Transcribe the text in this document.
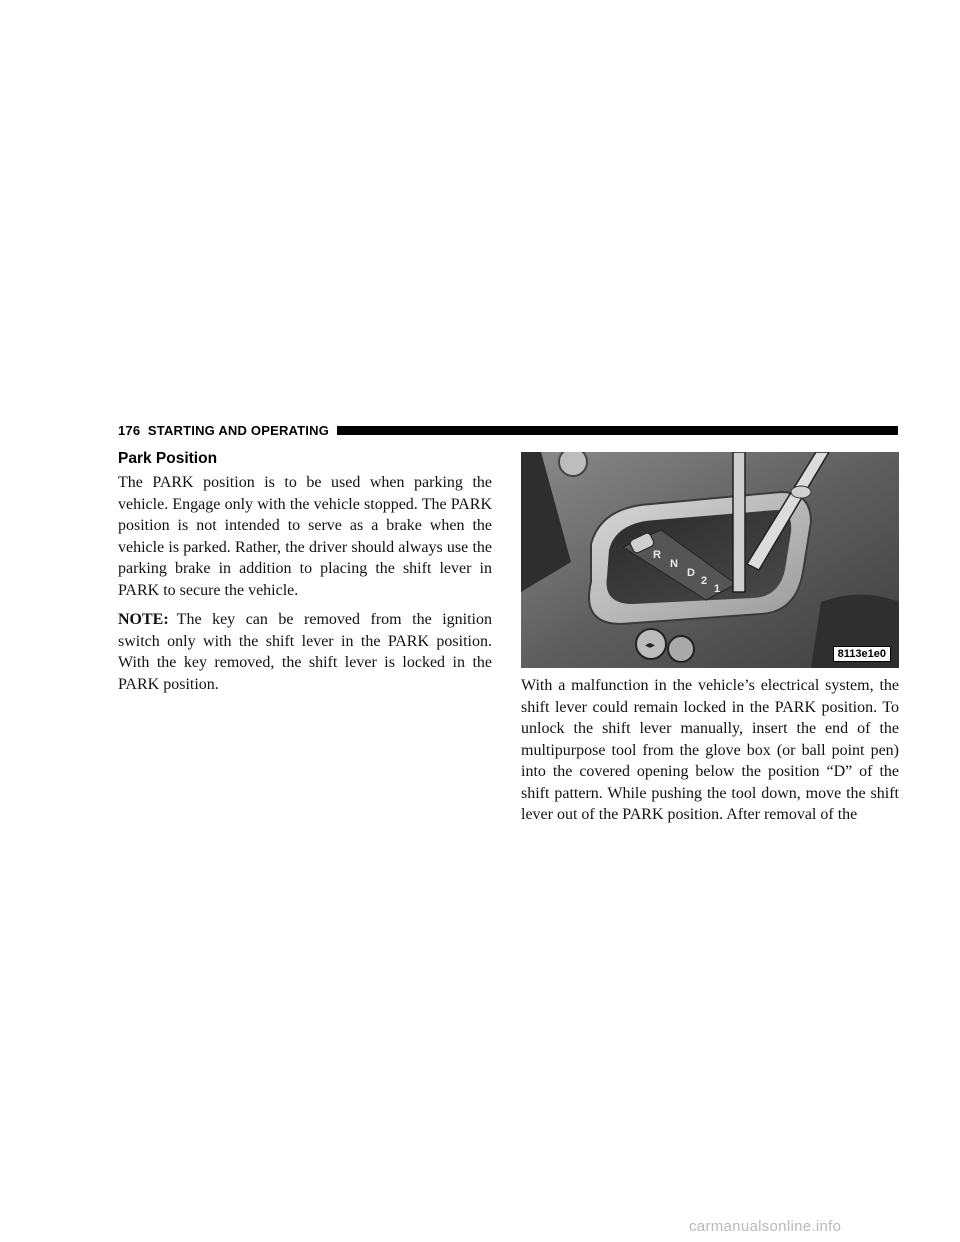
176 STARTING AND OPERATING
Park Position

The PARK position is to be used when parking the vehicle. Engage only with the vehicle stopped. The PARK position is not intended to serve as a brake when the vehicle is parked. Rather, the driver should always use the parking brake in addition to placing the shift lever in PARK to secure the vehicle.

NOTE: The key can be removed from the ignition switch only with the shift lever in the PARK position. With the key removed, the shift lever is locked in the PARK position.

R
N
D
2
1
◂▸
8113e1e0

With a malfunction in the vehicle’s electrical system, the shift lever could remain locked in the PARK position. To unlock the shift lever manually, insert the end of the multipurpose tool from the glove box (or ball point pen) into the covered opening below the position “D” of the shift pattern. While pushing the tool down, move the shift lever out of the PARK position. After removal of the

carmanualsonline.info
